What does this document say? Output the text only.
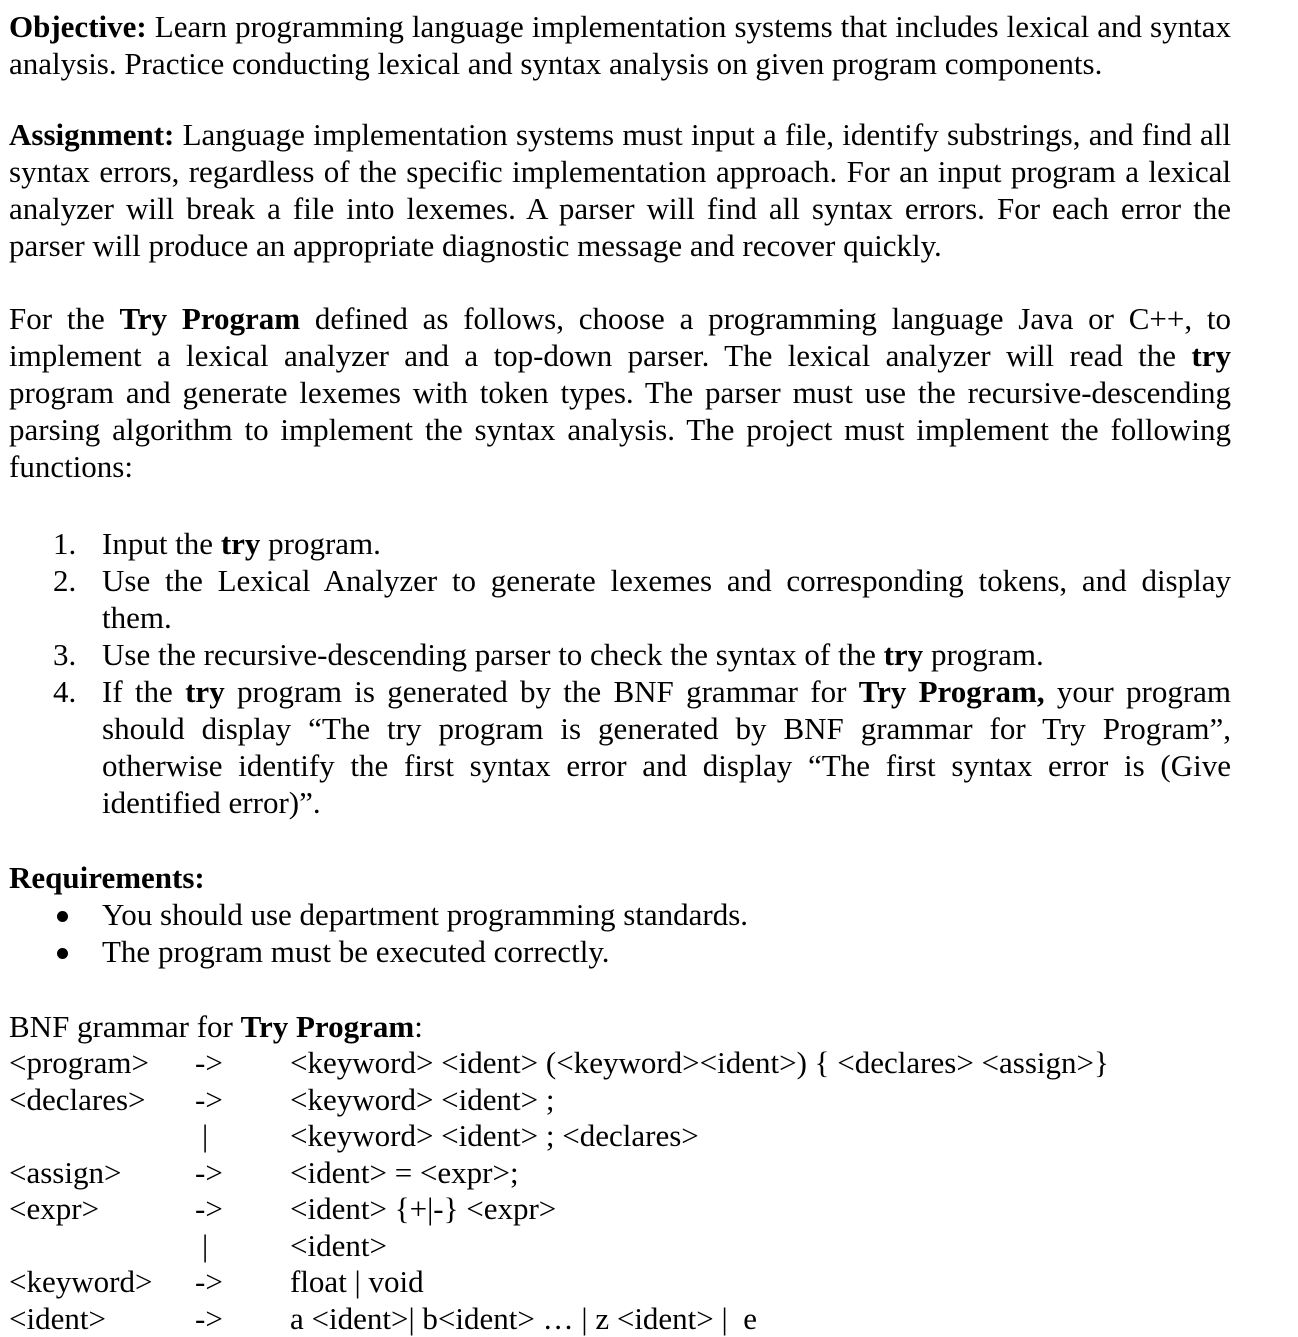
Objective: Learn programming language implementation systems that includes lexical and syntax analysis. Practice conducting lexical and syntax analysis on given program components.

Assignment: Language implementation systems must input a file, identify substrings, and find all syntax errors, regardless of the specific implementation approach. For an input program a lexical analyzer will break a file into lexemes. A parser will find all syntax errors. For each error the parser will produce an appropriate diagnostic message and recover quickly.

For the Try Program defined as follows, choose a programming language Java or C++, to implement a lexical analyzer and a top-down parser. The lexical analyzer will read the try program and generate lexemes with token types. The parser must use the recursive-descending parsing algorithm to implement the syntax analysis. The project must implement the following functions:

1. Input the try program.
2. Use the Lexical Analyzer to generate lexemes and corresponding tokens, and display them.
3. Use the recursive-descending parser to check the syntax of the try program.
4. If the try program is generated by the BNF grammar for Try Program, your program should display “The try program is generated by BNF grammar for Try Program”, otherwise identify the first syntax error and display “The first syntax error is (Give identified error)”.

Requirements:

You should use department programming standards.
The program must be executed correctly.

BNF grammar for Try Program:

<program> -> <keyword> <ident> (<keyword><ident>) { <declares> <assign>}
<declares> -> <keyword> <ident> ;
|	<keyword> <ident> ; <declares>
<assign> -> <ident> = <expr>;
<expr>	-> <ident> {+|-} <expr>
|	<ident>
<keyword> -> float | void
<ident>	-> a <ident>| b<ident> … | z <ident> |  e
